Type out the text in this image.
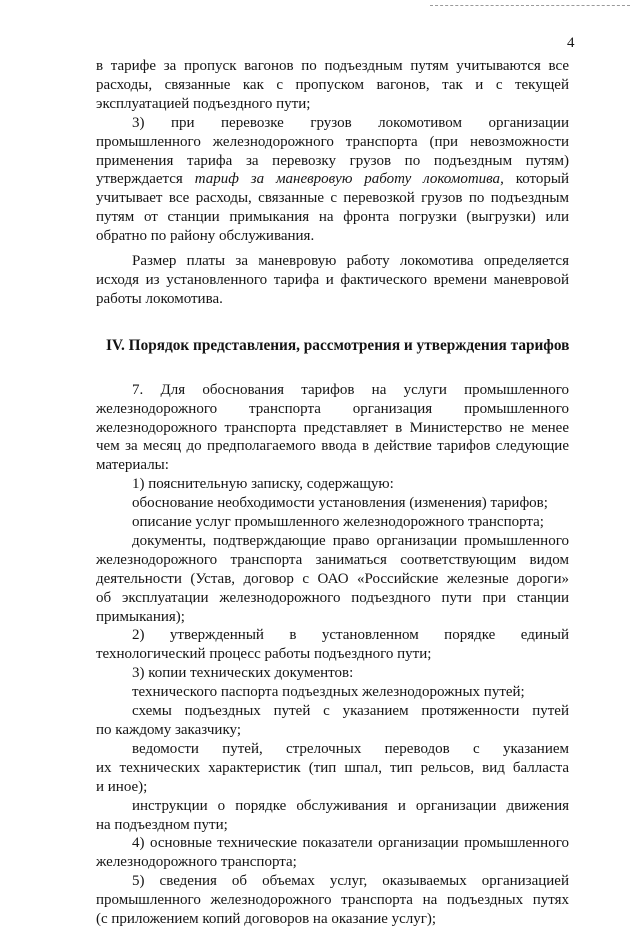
4
в тарифе за пропуск вагонов по подъездным путям учитываются все
расходы, связанные как с пропуском вагонов, так и с текущей
эксплуатацией подъездного пути;
3) при перевозке грузов локомотивом организации
промышленного железнодорожного транспорта (при невозможности
применения тарифа за перевозку грузов по подъездным путям)
утверждается тариф за маневровую работу локомотива, который
учитывает все расходы, связанные с перевозкой грузов по подъездным
путям от станции примыкания на фронта погрузки (выгрузки) или
обратно по району обслуживания.
Размер платы за маневровую работу локомотива определяется
исходя из установленного тарифа и фактического времени маневровой
работы локомотива.
IV. Порядок представления, рассмотрения и утверждения тарифов
7. Для обоснования тарифов на услуги промышленного
железнодорожного транспорта организация промышленного
железнодорожного транспорта представляет в Министерство не менее
чем за месяц до предполагаемого ввода в действие тарифов следующие
материалы:
1) пояснительную записку, содержащую:
обоснование необходимости установления (изменения) тарифов;
описание услуг промышленного железнодорожного транспорта;
документы, подтверждающие право организации промышленного
железнодорожного транспорта заниматься соответствующим видом
деятельности (Устав, договор с ОАО «Российские железные дороги»
об эксплуатации железнодорожного подъездного пути при станции
примыкания);
2) утвержденный в установленном порядке единый
технологический процесс работы подъездного пути;
3) копии технических документов:
технического паспорта подъездных железнодорожных путей;
схемы подъездных путей с указанием протяженности путей
по каждому заказчику;
ведомости путей, стрелочных переводов с указанием
их технических характеристик (тип шпал, тип рельсов, вид балласта
и иное);
инструкции о порядке обслуживания и организации движения
на подъездном пути;
4) основные технические показатели организации промышленного
железнодорожного транспорта;
5) сведения об объемах услуг, оказываемых организацией
промышленного железнодорожного транспорта на подъездных путях
(с приложением копий договоров на оказание услуг);
